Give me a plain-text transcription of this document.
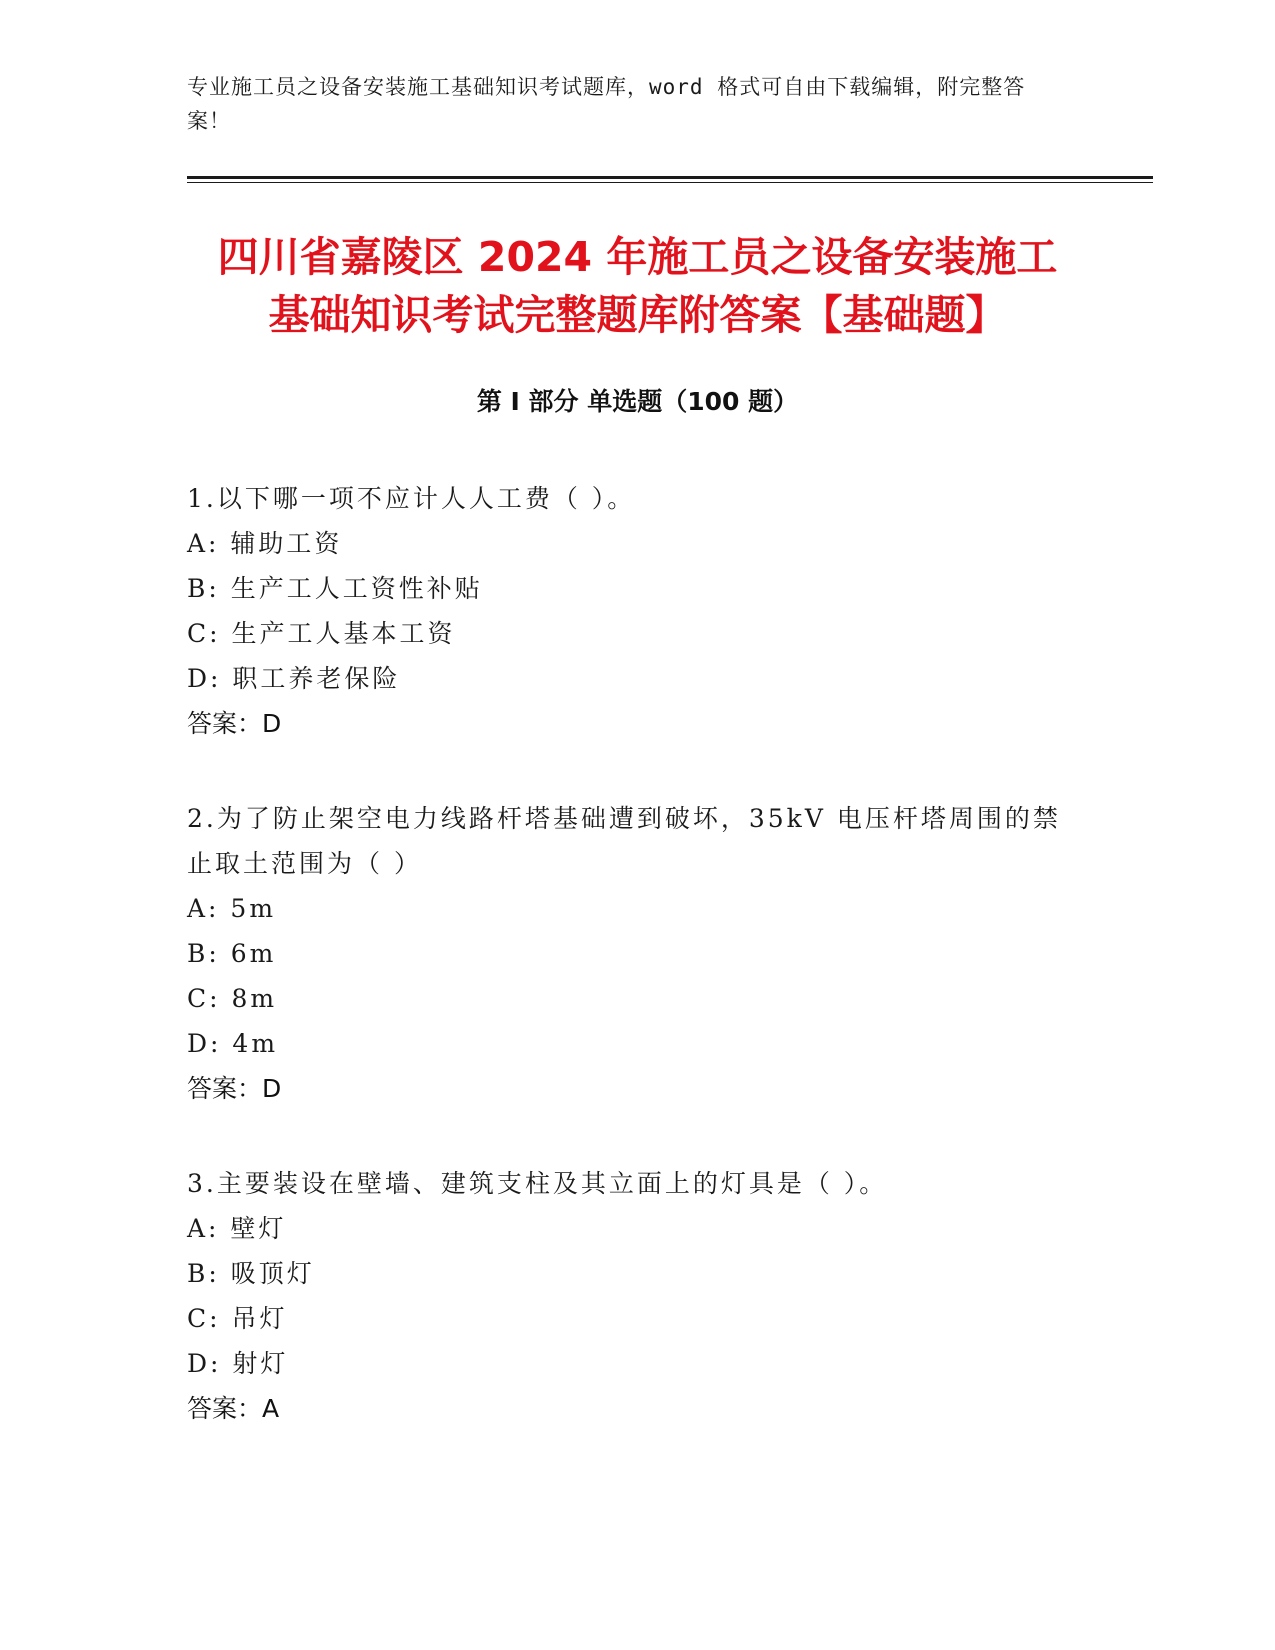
专业施工员之设备安装施工基础知识考试题库，word 格式可自由下载编辑，附完整答案！
四川省嘉陵区 2024 年施工员之设备安装施工
基础知识考试完整题库附答案【基础题】
第 I 部分 单选题（100 题）

1.以下哪一项不应计人人工费（ ）。

A: 辅助工资

B: 生产工人工资性补贴

C: 生产工人基本工资

D: 职工养老保险

答案：D

2.为了防止架空电力线路杆塔基础遭到破坏，35kV 电压杆塔周围的禁止取土范围为（ ）

A: 5m

B: 6m

C: 8m

D: 4m

答案：D

3.主要装设在壁墙、建筑支柱及其立面上的灯具是（ ）。

A: 壁灯

B: 吸顶灯

C: 吊灯

D: 射灯

答案：A
